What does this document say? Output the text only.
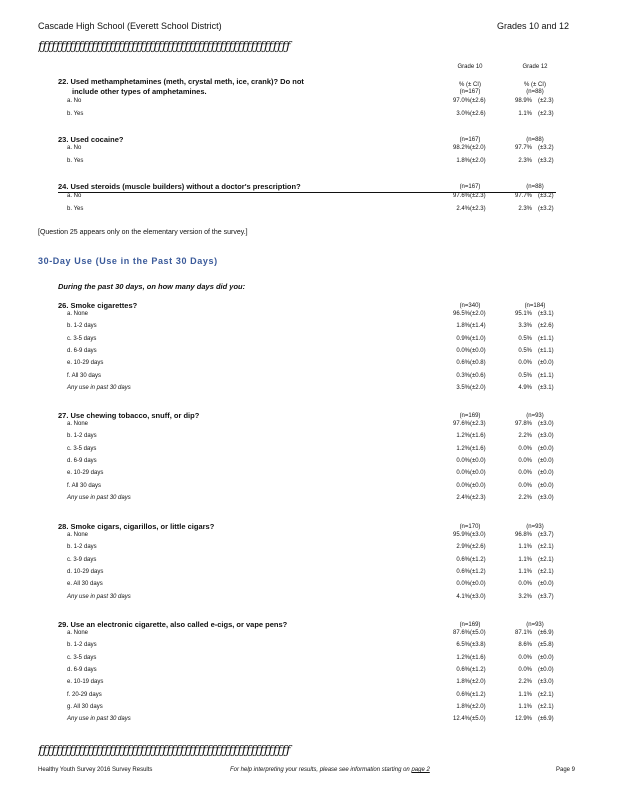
Cascade High School (Everett School District)	Grades 10 and 12
ƒƒƒƒƒƒƒƒƒƒƒƒƒƒƒƒƒƒƒƒƒƒƒƒƒƒƒƒƒƒƒƒƒƒƒƒƒƒƒƒƒƒƒƒƒƒƒƒƒƒƒƒƒƒƒƒƒ
Grade 10	Grade 12
% (± CI)	% (± CI)
(n=167)	(n=88)
22. Used methamphetamines (meth, crystal meth, ice, crank)? Do not
include other types of amphetamines.
a. No	97.0% (±2.6)	98.9% (±2.3)
b. Yes	3.0% (±2.6)	1.1% (±2.3)
23. Used cocaine?	(n=167)	(n=88)
a. No	98.2% (±2.0)	97.7% (±3.2)
b. Yes	1.8% (±2.0)	2.3% (±3.2)
24. Used steroids (muscle builders) without a doctor's prescription?	(n=167)	(n=88)
a. No	97.6% (±2.3)	97.7% (±3.2)
b. Yes	2.4% (±2.3)	2.3% (±3.2)
26. Smoke cigarettes?	(n=340)	(n=184)
a. None	96.5% (±2.0)	95.1% (±3.1)
b. 1-2 days	1.8% (±1.4)	3.3% (±2.6)
c. 3-5 days	0.9% (±1.0)	0.5% (±1.1)
d. 6-9 days	0.0% (±0.0)	0.5% (±1.1)
e. 10-29 days	0.6% (±0.8)	0.0% (±0.0)
f. All 30 days	0.3% (±0.6)	0.5% (±1.1)
Any use in past 30 days	3.5% (±2.0)	4.9% (±3.1)
27. Use chewing tobacco, snuff, or dip?	(n=169)	(n=93)
a. None	97.6% (±2.3)	97.8% (±3.0)
b. 1-2 days	1.2% (±1.6)	2.2% (±3.0)
c. 3-5 days	1.2% (±1.6)	0.0% (±0.0)
d. 6-9 days	0.0% (±0.0)	0.0% (±0.0)
e. 10-29 days	0.0% (±0.0)	0.0% (±0.0)
f. All 30 days	0.0% (±0.0)	0.0% (±0.0)
Any use in past 30 days	2.4% (±2.3)	2.2% (±3.0)
28. Smoke cigars, cigarillos, or little cigars?	(n=170)	(n=93)
a. None	95.9% (±3.0)	96.8% (±3.7)
b. 1-2 days	2.9% (±2.6)	1.1% (±2.1)
c. 3-9 days	0.6% (±1.2)	1.1% (±2.1)
d. 10-29 days	0.6% (±1.2)	1.1% (±2.1)
e. All 30 days	0.0% (±0.0)	0.0% (±0.0)
Any use in past 30 days	4.1% (±3.0)	3.2% (±3.7)
29. Use an electronic cigarette, also called e-cigs, or vape pens?	(n=169)	(n=93)
a. None	87.6% (±5.0)	87.1% (±6.9)
b. 1-2 days	6.5% (±3.8)	8.6% (±5.8)
c. 3-5 days	1.2% (±1.6)	0.0% (±0.0)
d. 6-9 days	0.6% (±1.2)	0.0% (±0.0)
e. 10-19 days	1.8% (±2.0)	2.2% (±3.0)
f. 20-29 days	0.6% (±1.2)	1.1% (±2.1)
g. All 30 days	1.8% (±2.0)	1.1% (±2.1)
Any use in past 30 days	12.4% (±5.0)	12.9% (±6.9)
[Question 25 appears only on the elementary version of the survey.]
30-Day Use (Use in the Past 30 Days)
During the past 30 days, on how many days did you:
ƒƒƒƒƒƒƒƒƒƒƒƒƒƒƒƒƒƒƒƒƒƒƒƒƒƒƒƒƒƒƒƒƒƒƒƒƒƒƒƒƒƒƒƒƒƒƒƒƒƒƒƒƒƒƒƒƒ
Healthy Youth Survey 2016 Survey Results	For help interpreting your results, please see information starting on page 2	Page 9
